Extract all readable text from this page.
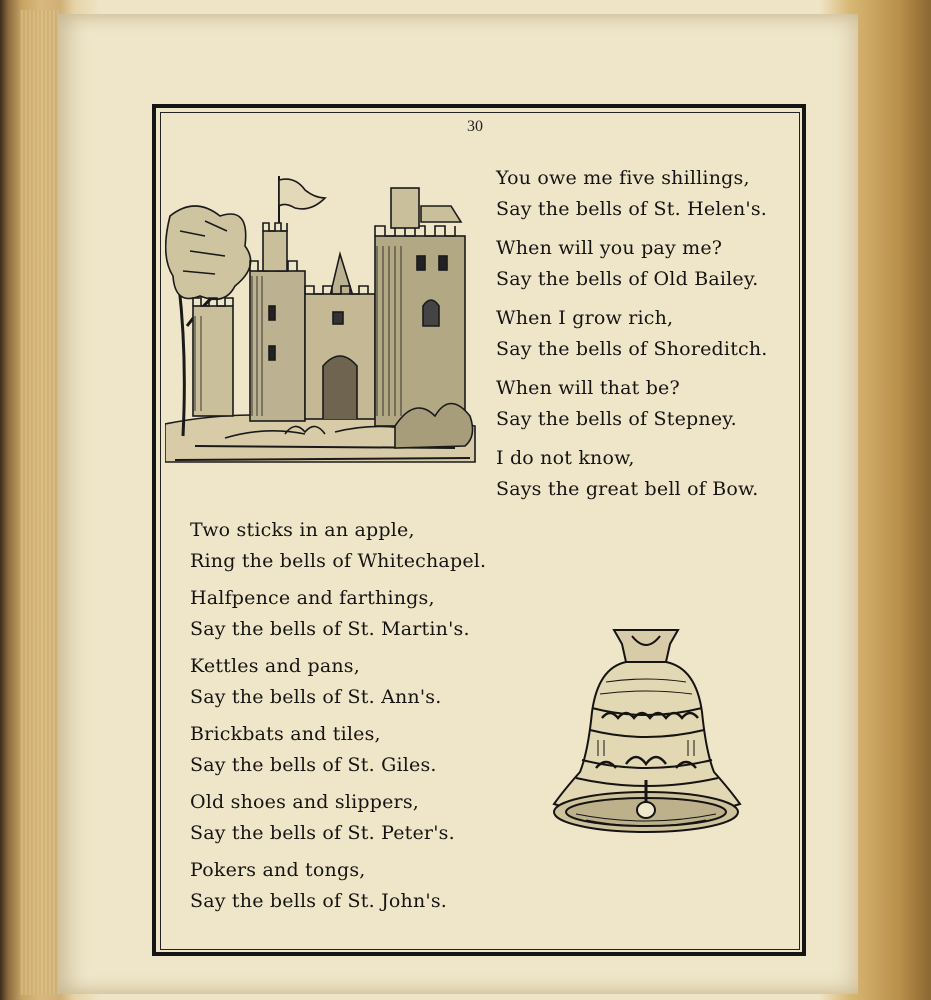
30
You owe me five shillings,
Say the bells of St. Helen's.
When will you pay me?
Say the bells of Old Bailey.
When I grow rich,
Say the bells of Shoreditch.
When will that be?
Say the bells of Stepney.
I do not know,
Says the great bell of Bow.
Two sticks in an apple,
Ring the bells of Whitechapel.
Halfpence and farthings,
Say the bells of St. Martin's.
Kettles and pans,
Say the bells of St. Ann's.
Brickbats and tiles,
Say the bells of St. Giles.
Old shoes and slippers,
Say the bells of St. Peter's.
Pokers and tongs,
Say the bells of St. John's.
